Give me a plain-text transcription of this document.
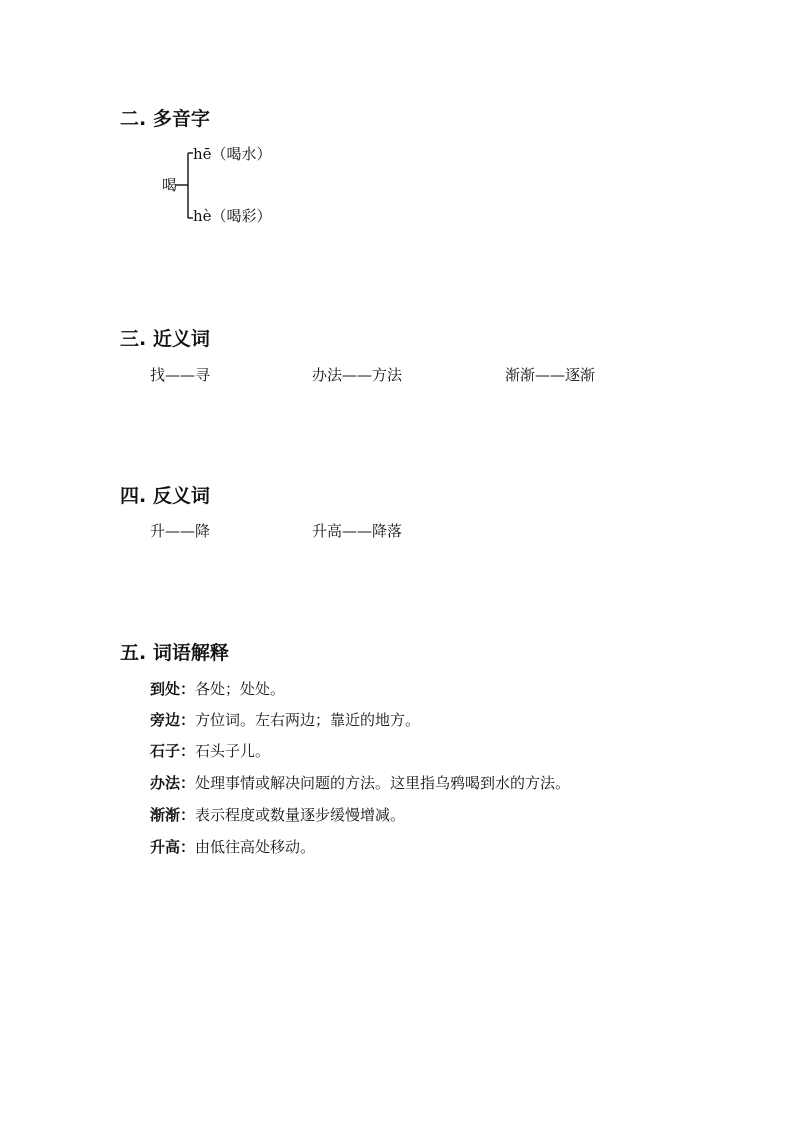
二. 多音字
喝
hē（喝水）
hè（喝彩）
三. 近义词
找——寻	办法——方法	渐渐——逐渐
四. 反义词
升——降	升高——降落
五. 词语解释
到处：各处；处处。
旁边：方位词。左右两边；靠近的地方。
石子：石头子儿。
办法：处理事情或解决问题的方法。这里指乌鸦喝到水的方法。
渐渐：表示程度或数量逐步缓慢增减。
升高：由低往高处移动。
